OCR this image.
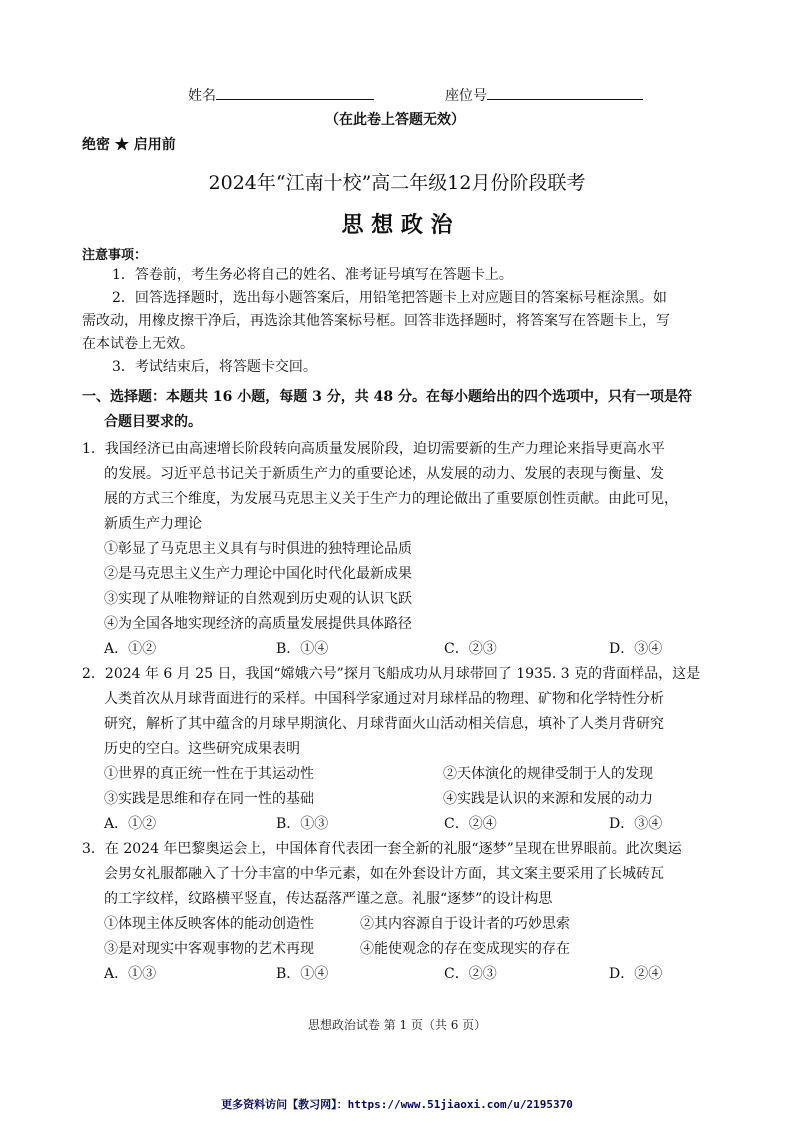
姓名	座位号
（在此卷上答题无效）
绝密 ★ 启用前
2024年“江南十校”高二年级12月份阶段联考
思 想 政 治
注意事项：
1．答卷前，考生务必将自己的姓名、准考证号填写在答题卡上。
2．回答选择题时，选出每小题答案后，用铅笔把答题卡上对应题目的答案标号框涂黑。如
需改动，用橡皮擦干净后，再选涂其他答案标号框。回答非选择题时，将答案写在答题卡上，写
在本试卷上无效。
3．考试结束后，将答题卡交回。
一、选择题：本题共 16 小题，每题 3 分，共 48 分。在每小题给出的四个选项中，只有一项是符
合题目要求的。
1．我国经济已由高速增长阶段转向高质量发展阶段，迫切需要新的生产力理论来指导更高水平
的发展。习近平总书记关于新质生产力的重要论述，从发展的动力、发展的表现与衡量、发
展的方式三个维度，为发展马克思主义关于生产力的理论做出了重要原创性贡献。由此可见，
新质生产力理论
①彰显了马克思主义具有与时俱进的独特理论品质
②是马克思主义生产力理论中国化时代化最新成果
③实现了从唯物辩证的自然观到历史观的认识飞跃
④为全国各地实现经济的高质量发展提供具体路径
A．①②	B．①④	C．②③	D．③④
2．2024 年 6 月 25 日，我国“嫦娥六号”探月飞船成功从月球带回了 1935. 3 克的背面样品，这是
人类首次从月球背面进行的采样。中国科学家通过对月球样品的物理、矿物和化学特性分析
研究，解析了其中蕴含的月球早期演化、月球背面火山活动相关信息，填补了人类月背研究
历史的空白。这些研究成果表明
①世界的真正统一性在于其运动性	②天体演化的规律受制于人的发现
③实践是思维和存在同一性的基础	④实践是认识的来源和发展的动力
A．①②	B．①③	C．②④	D．③④
3．在 2024 年巴黎奥运会上，中国体育代表团一套全新的礼服“逐梦”呈现在世界眼前。此次奥运
会男女礼服都融入了十分丰富的中华元素，如在外套设计方面，其文案主要采用了长城砖瓦
的工字纹样，纹路横平竖直，传达磊落严谨之意。礼服“逐梦”的设计构思
①体现主体反映客体的能动创造性	②其内容源自于设计者的巧妙思索
③是对现实中客观事物的艺术再现	④能使观念的存在变成现实的存在
A．①③	B．①④	C．②③	D．②④
思想政治试卷 第 1 页（共 6 页）
更多资料访问【教习网】：https://www.51jiaoxi.com/u/2195370
